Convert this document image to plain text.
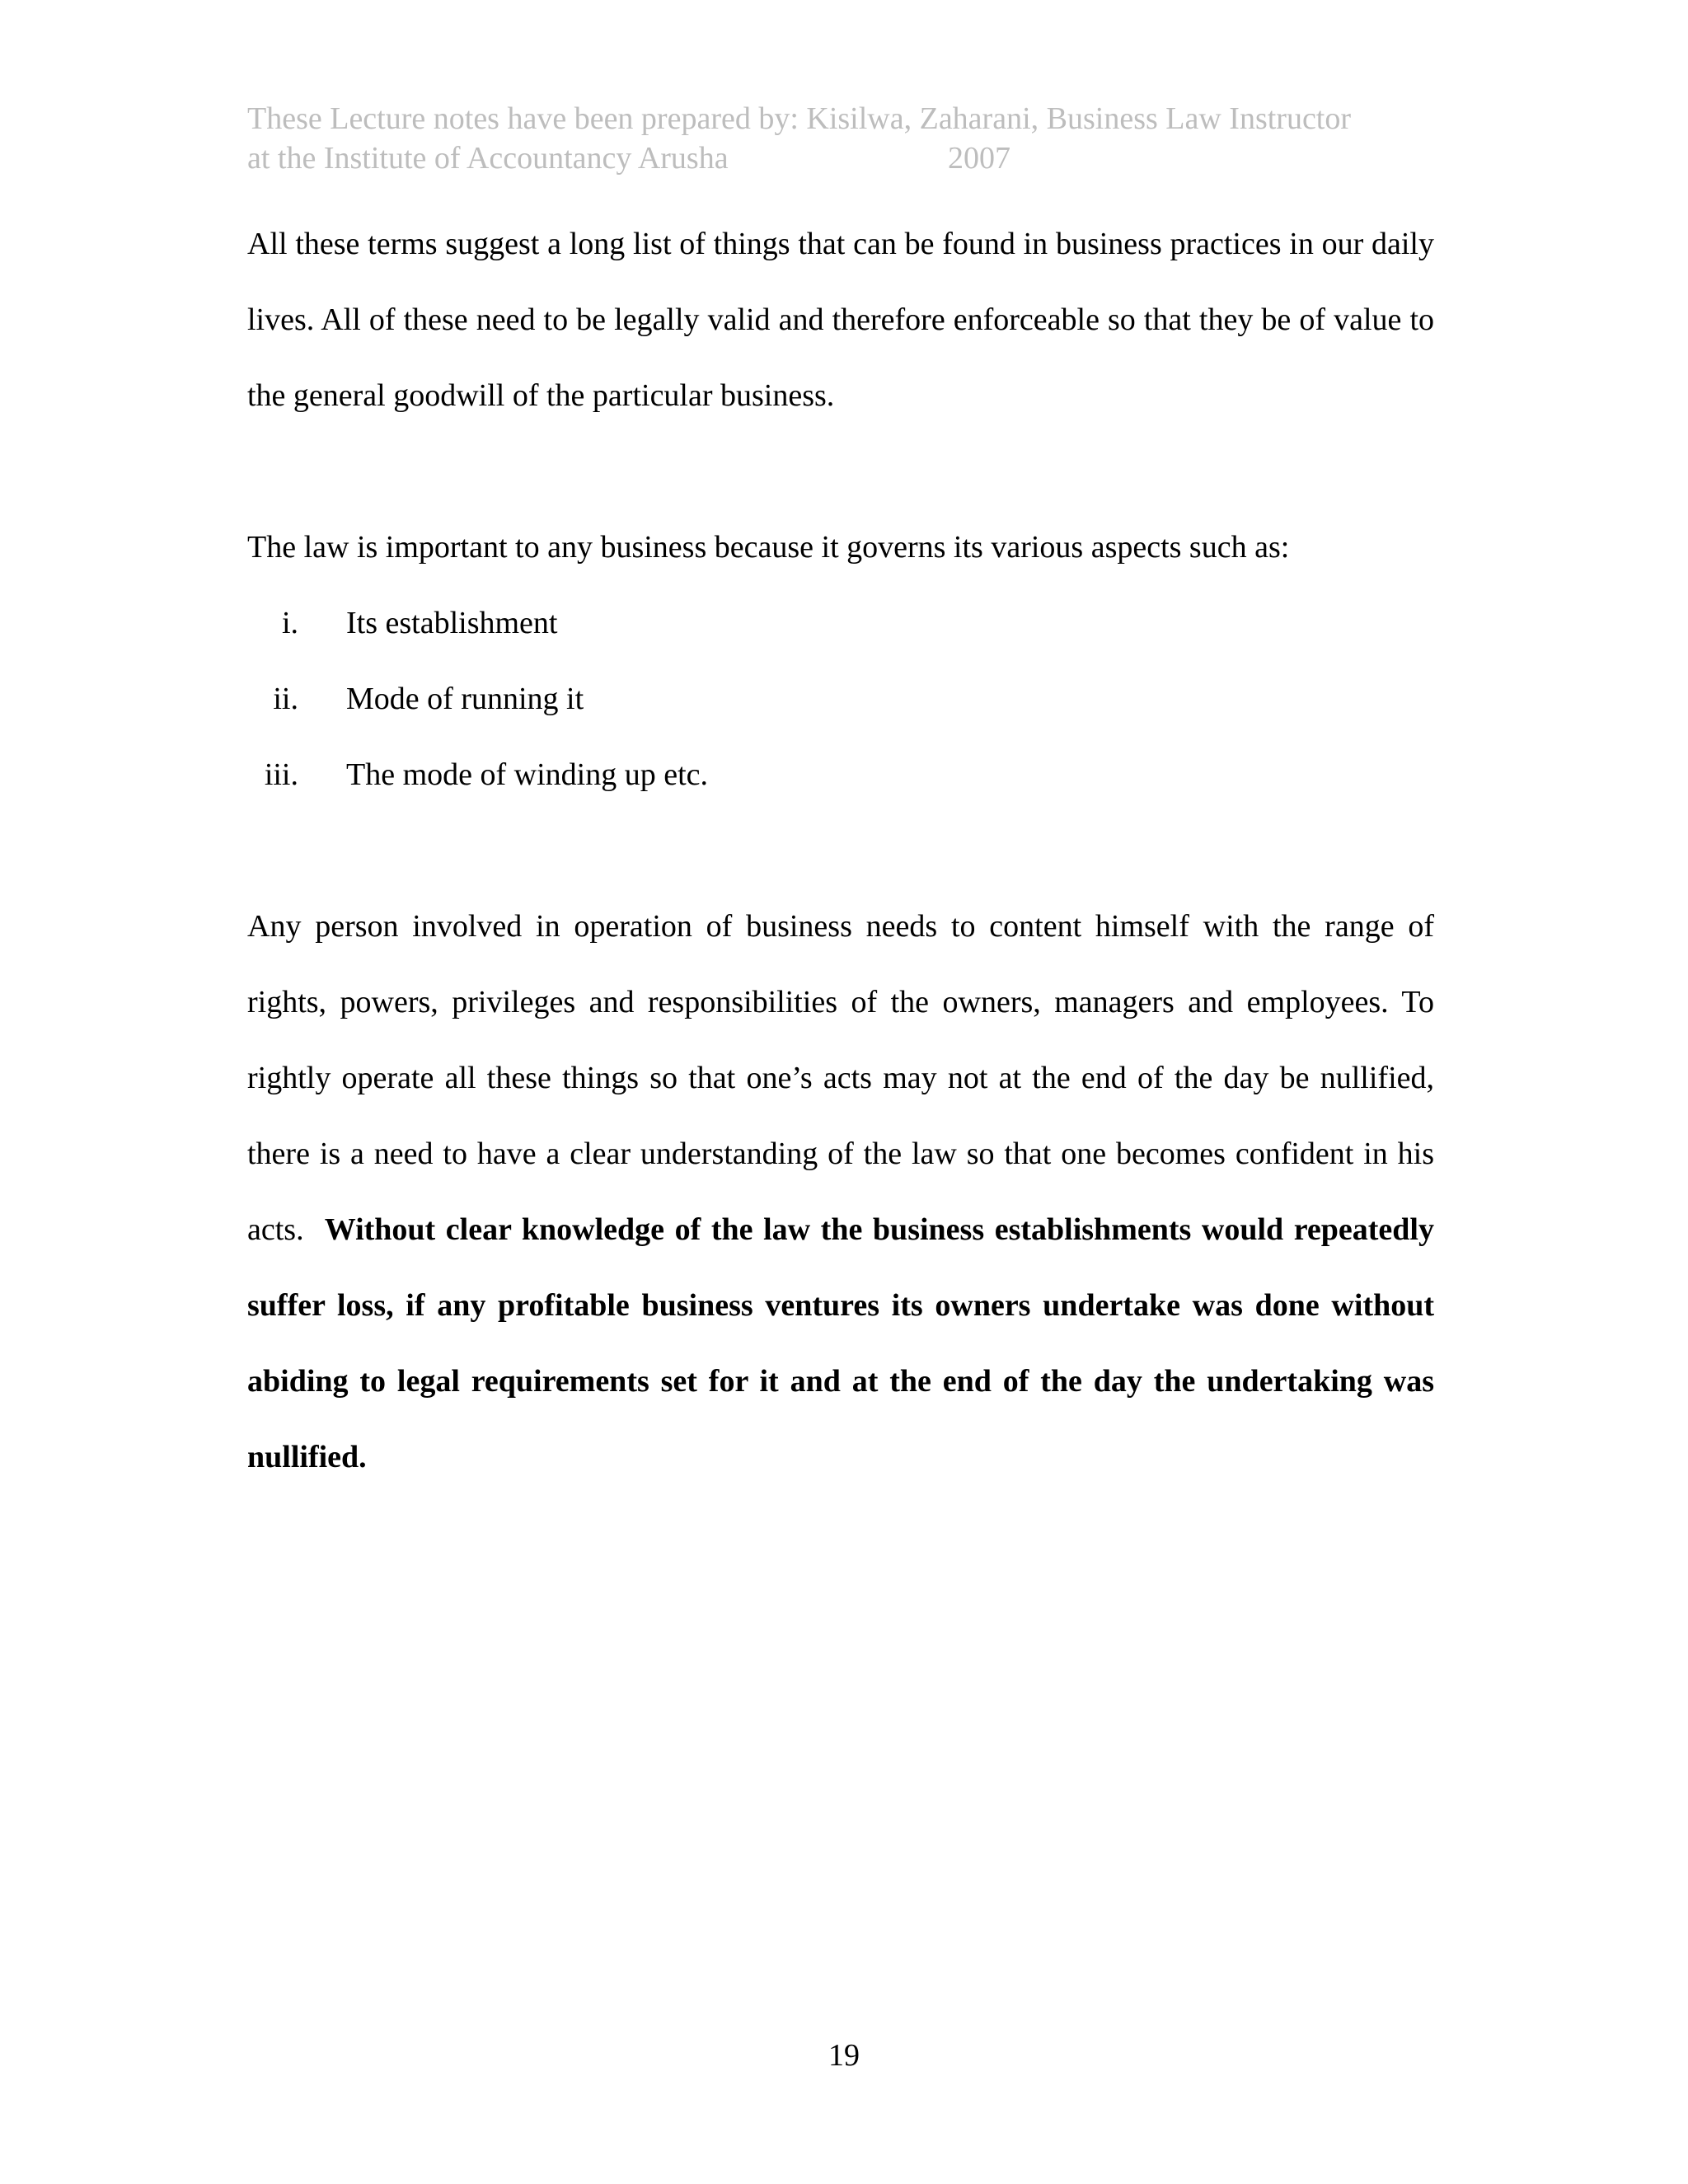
These Lecture notes have been prepared by: Kisilwa, Zaharani, Business Law Instructor
at the Institute of Accountancy Arusha	2007

All these terms suggest a long list of things that can be found in business practices in our daily lives. All of these need to be legally valid and therefore enforceable so that they be of value to the general goodwill of the particular business.

The law is important to any business because it governs its various aspects such as:

i. Its establishment
ii. Mode of running it
iii. The mode of winding up etc.

Any person involved in operation of business needs to content himself with the range of rights, powers, privileges and responsibilities of the owners, managers and employees. To rightly operate all these things so that one’s acts may not at the end of the day be nullified, there is a need to have a clear understanding of the law so that one becomes confident in his acts. Without clear knowledge of the law the business establishments would repeatedly suffer loss, if any profitable business ventures its owners undertake was done without abiding to legal requirements set for it and at the end of the day the undertaking was nullified.

19
